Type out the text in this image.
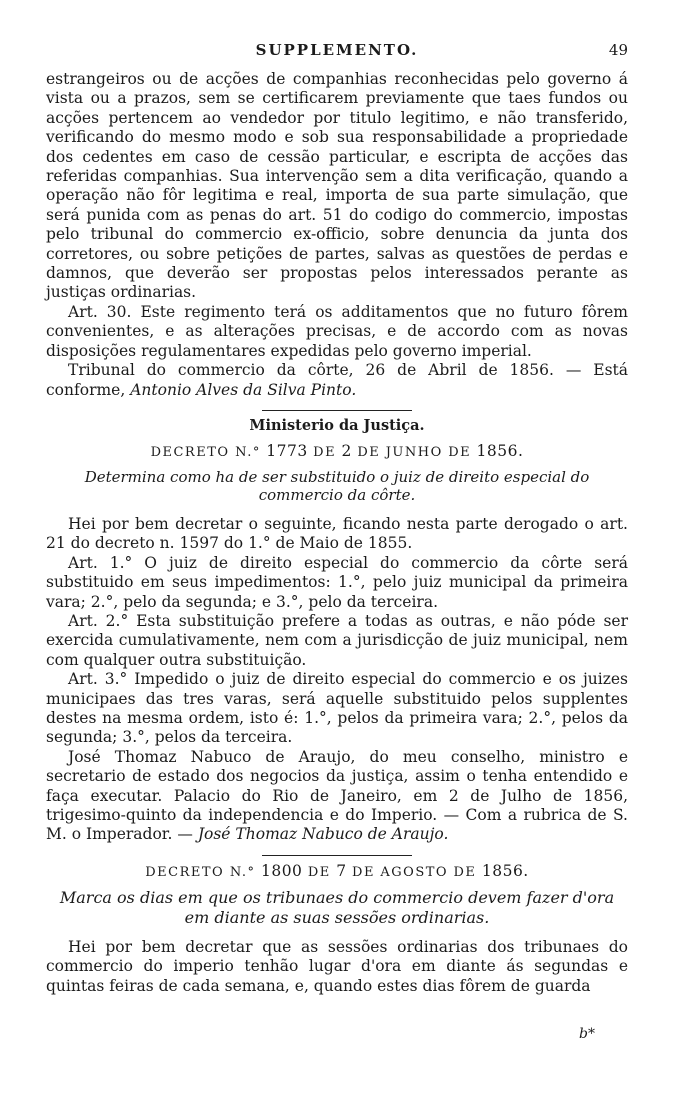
SUPPLEMENTO.	49

estrangeiros ou de acções de companhias reconhecidas pelo governo á vista ou a prazos, sem se certificarem previamente que taes fundos ou acções pertencem ao vendedor por titulo legitimo, e não transferido, verificando do mesmo modo e sob sua responsabilidade a propriedade dos cedentes em caso de cessão particular, e escripta de acções das referidas companhias. Sua intervenção sem a dita verificação, quando a operação não fôr legitima e real, importa de sua parte simulação, que será punida com as penas do art. 51 do codigo do commercio, impostas pelo tribunal do commercio ex-officio, sobre denuncia da junta dos corretores, ou sobre petições de partes, salvas as questões de perdas e damnos, que deverão ser propostas pelos interessados perante as justiças ordinarias.

Art. 30. Este regimento terá os additamentos que no futuro fôrem convenientes, e as alterações precisas, e de accordo com as novas disposições regulamentares expedidas pelo governo imperial.

Tribunal do commercio da côrte, 26 de Abril de 1856. — Está conforme, Antonio Alves da Silva Pinto.

Ministerio da Justiça.
DECRETO N.° 1773 DE 2 DE JUNHO DE 1856.
Determina como ha de ser substituido o juiz de direito especial do commercio da côrte.

Hei por bem decretar o seguinte, ficando nesta parte derogado o art. 21 do decreto n. 1597 do 1.° de Maio de 1855.

Art. 1.° O juiz de direito especial do commercio da côrte será substituido em seus impedimentos: 1.°, pelo juiz municipal da primeira vara; 2.°, pelo da segunda; e 3.°, pelo da terceira.

Art. 2.° Esta substituição prefere a todas as outras, e não póde ser exercida cumulativamente, nem com a jurisdicção de juiz municipal, nem com qualquer outra substituição.

Art. 3.° Impedido o juiz de direito especial do commercio e os juizes municipaes das tres varas, será aquelle substituido pelos supplentes destes na mesma ordem, isto é: 1.°, pelos da primeira vara; 2.°, pelos da segunda; 3.°, pelos da terceira.

José Thomaz Nabuco de Araujo, do meu conselho, ministro e secretario de estado dos negocios da justiça, assim o tenha entendido e faça executar. Palacio do Rio de Janeiro, em 2 de Julho de 1856, trigesimo-quinto da independencia e do Imperio. — Com a rubrica de S. M. o Imperador. — José Thomaz Nabuco de Araujo.

DECRETO N.° 1800 DE 7 DE AGOSTO DE 1856.
Marca os dias em que os tribunaes do commercio devem fazer d'ora em diante as suas sessões ordinarias.

Hei por bem decretar que as sessões ordinarias dos tribunaes do commercio do imperio tenhão lugar d'ora em diante ás segundas e quintas feiras de cada semana, e, quando estes dias fôrem de guarda

b*
